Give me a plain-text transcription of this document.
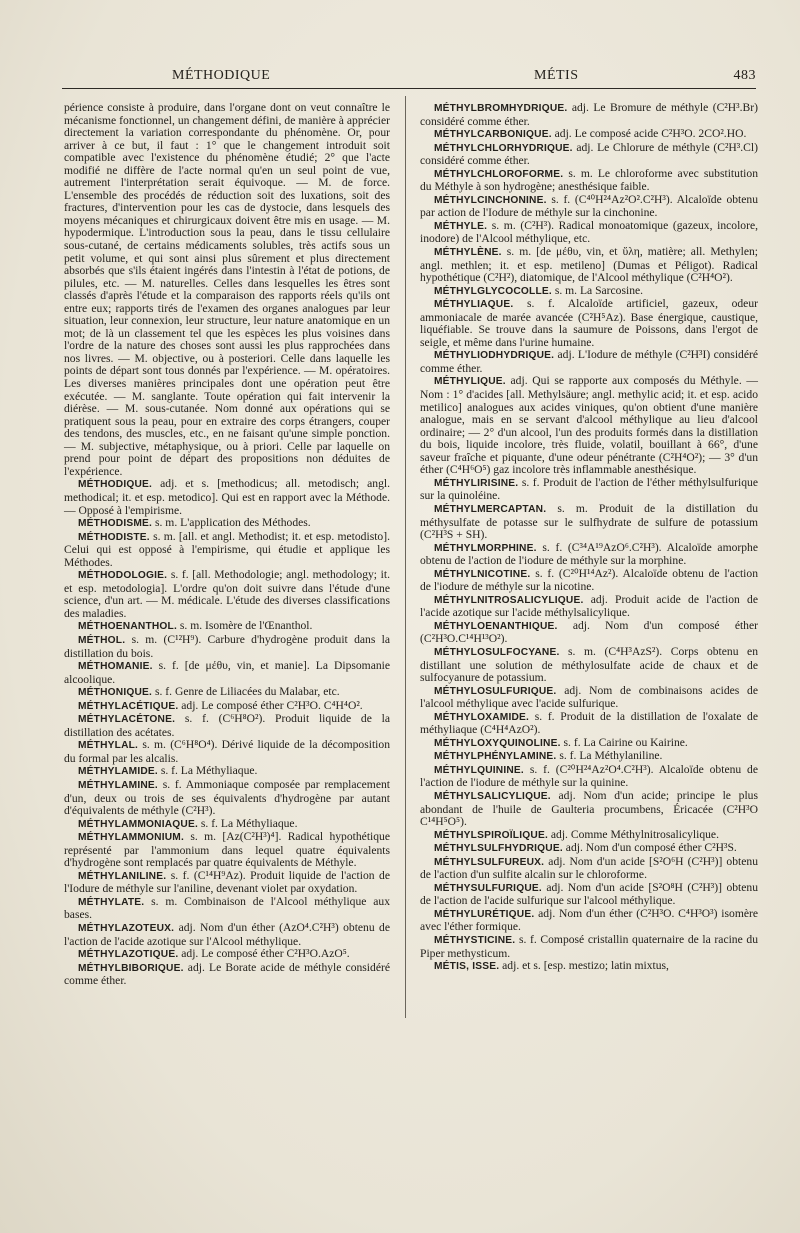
MÉTHODIQUE	MÉTIS	483

périence consiste à produire, dans l'organe dont on veut connaître le mécanisme fonctionnel, un changement défini, de manière à apprécier directement la variation correspondante du phénomène. Or, pour arriver à ce but, il faut : 1° que le changement introduit soit compatible avec l'existence du phénomène étudié; 2° que l'acte modifié ne diffère de l'acte normal qu'en un seul point de vue, autrement l'interprétation serait équivoque. — M. de force. L'ensemble des procédés de réduction soit des luxations, soit des fractures, d'intervention pour les cas de dystocie, dans lesquels des moyens mécaniques et chirurgicaux doivent être mis en usage. — M. hypodermique. L'introduction sous la peau, dans le tissu cellulaire sous-cutané, de certains médicaments solubles, très actifs sous un petit volume, et qui sont ainsi plus sûrement et plus directement absorbés que s'ils étaient ingérés dans l'intestin à l'état de potions, de pilules, etc. — M. naturelles. Celles dans lesquelles les êtres sont classés d'après l'étude et la comparaison des rapports réels qu'ils ont entre eux; rapports tirés de l'examen des organes analogues par leur situation, leur connexion, leur structure, leur nature anatomique en un mot; de là un classement tel que les espèces les plus voisines dans l'ordre de la nature des choses sont aussi les plus rapprochées dans nos livres. — M. objective, ou à posteriori. Celle dans laquelle les points de départ sont tous donnés par l'expérience. — M. opératoires. Les diverses manières principales dont une opération peut être exécutée. — M. sanglante. Toute opération qui fait intervenir la diérèse. — M. sous-cutanée. Nom donné aux opérations qui se pratiquent sous la peau, pour en extraire des corps étrangers, couper des tendons, des muscles, etc., en ne faisant qu'une simple ponction. — M. subjective, métaphysique, ou à priori. Celle par laquelle on prend pour point de départ des propositions non déduites de l'expérience.

MÉTHODIQUE. adj. et s. [methodicus; all. metodisch; angl. methodical; it. et esp. metodico]. Qui est en rapport avec la Méthode. — Opposé à l'empirisme.

MÉTHODISME. s. m. L'application des Méthodes.

MÉTHODISTE. s. m. [all. et angl. Methodist; it. et esp. metodisto]. Celui qui est opposé à l'empirisme, qui étudie et applique les Méthodes.

MÉTHODOLOGIE. s. f. [all. Methodologie; angl. methodology; it. et esp. metodologia]. L'ordre qu'on doit suivre dans l'étude d'une science, d'un art. — M. médicale. L'étude des diverses classifications des maladies.

MÉTHOENANTHOL. s. m. Isomère de l'Œnanthol.

MÉTHOL. s. m. (C¹²H⁹). Carbure d'hydrogène produit dans la distillation du bois.

MÉTHOMANIE. s. f. [de μέθυ, vin, et manie]. La Dipsomanie alcoolique.

MÉTHONIQUE. s. f. Genre de Liliacées du Malabar, etc.

MÉTHYLACÉTIQUE. adj. Le composé éther C²H³O. C⁴H⁴O².

MÉTHYLACÉTONE. s. f. (C⁶H⁸O²). Produit liquide de la distillation des acétates.

MÉTHYLAL. s. m. (C⁶H⁸O⁴). Dérivé liquide de la décomposition du formal par les alcalis.

MÉTHYLAMIDE. s. f. La Méthyliaque.

MÉTHYLAMINE. s. f. Ammoniaque composée par remplacement d'un, deux ou trois de ses équivalents d'hydrogène par autant d'équivalents de méthyle (C²H³).

MÉTHYLAMMONIAQUE. s. f. La Méthyliaque.

MÉTHYLAMMONIUM. s. m. [Az(C²H³)⁴]. Radical hypothétique représenté par l'ammonium dans lequel quatre équivalents d'hydrogène sont remplacés par quatre équivalents de Méthyle.

MÉTHYLANILINE. s. f. (C¹⁴H⁹Az). Produit liquide de l'action de l'Iodure de méthyle sur l'aniline, devenant violet par oxydation.

MÉTHYLATE. s. m. Combinaison de l'Alcool méthylique aux bases.

MÉTHYLAZOTEUX. adj. Nom d'un éther (AzO⁴.C²H³) obtenu de l'action de l'acide azotique sur l'Alcool méthylique.

MÉTHYLAZOTIQUE. adj. Le composé éther C²H³O.AzO⁵.

MÉTHYLBIBORIQUE. adj. Le Borate acide de méthyle considéré comme éther.

MÉTHYLBROMHYDRIQUE. adj. Le Bromure de méthyle (C²H³.Br) considéré comme éther.

MÉTHYLCARBONIQUE. adj. Le composé acide C²H³O. 2CO².HO.

MÉTHYLCHLORHYDRIQUE. adj. Le Chlorure de méthyle (C²H³.Cl) considéré comme éther.

MÉTHYLCHLOROFORME. s. m. Le chloroforme avec substitution du Méthyle à son hydrogène; anesthésique faible.

MÉTHYLCINCHONINE. s. f. (C⁴⁰H²⁴Az²O².C²H³). Alcaloïde obtenu par action de l'Iodure de méthyle sur la cinchonine.

MÉTHYLE. s. m. (C²H³). Radical monoatomique (gazeux, incolore, inodore) de l'Alcool méthylique, etc.

MÉTHYLÈNE. s. m. [de μέθυ, vin, et ὕλη, matière; all. Methylen; angl. methlen; it. et esp. metileno] (Dumas et Péligot). Radical hypothétique (C²H²), diatomique, de l'Alcool méthylique (C²H⁴O²).

MÉTHYLGLYCOCOLLE. s. m. La Sarcosine.

MÉTHYLIAQUE. s. f. Alcaloïde artificiel, gazeux, odeur ammoniacale de marée avancée (C²H⁵Az). Base énergique, caustique, liquéfiable. Se trouve dans la saumure de Poissons, dans l'ergot de seigle, et même dans l'urine humaine.

MÉTHYLIODHYDRIQUE. adj. L'Iodure de méthyle (C²H³I) considéré comme éther.

MÉTHYLIQUE. adj. Qui se rapporte aux composés du Méthyle. — Nom : 1° d'acides [all. Methylsäure; angl. methylic acid; it. et esp. acido metilico] analogues aux acides viniques, qu'on obtient d'une manière analogue, mais en se servant d'alcool méthylique au lieu d'alcool ordinaire; — 2° d'un alcool, l'un des produits formés dans la distillation du bois, liquide incolore, très fluide, volatil, bouillant à 66°, d'une saveur fraîche et piquante, d'une odeur pénétrante (C²H⁴O²); — 3° d'un éther (C⁴H⁶O⁵) gaz incolore très inflammable anesthésique.

MÉTHYLIRISINE. s. f. Produit de l'action de l'éther méthylsulfurique sur la quinoléine.

MÉTHYLMERCAPTAN. s. m. Produit de la distillation du méthysulfate de potasse sur le sulfhydrate de sulfure de potassium (C²H³S + SH).

MÉTHYLMORPHINE. s. f. (C³⁴A¹⁹AzO⁶.C²H³). Alcaloïde amorphe obtenu de l'action de l'iodure de méthyle sur la morphine.

MÉTHYLNICOTINE. s. f. (C²⁰H¹⁴Az²). Alcaloïde obtenu de l'action de l'iodure de méthyle sur la nicotine.

MÉTHYLNITROSALICYLIQUE. adj. Produit acide de l'action de l'acide azotique sur l'acide méthylsalicylique.

MÉTHYLOENANTHIQUE. adj. Nom d'un composé éther (C²H³O.C¹⁴H¹³O²).

MÉTHYLOSULFOCYANE. s. m. (C⁴H³AzS²). Corps obtenu en distillant une solution de méthylosulfate acide de chaux et de sulfocyanure de potassium.

MÉTHYLOSULFURIQUE. adj. Nom de combinaisons acides de l'alcool méthylique avec l'acide sulfurique.

MÉTHYLOXAMIDE. s. f. Produit de la distillation de l'oxalate de méthyliaque (C⁴H⁴AzO²).

MÉTHYLOXYQUINOLINE. s. f. La Cairine ou Kairine.

MÉTHYLPHÉNYLAMINE. s. f. La Méthylaniline.

MÉTHYLQUININE. s. f. (C²⁰H²⁴Az²O⁴.C²H³). Alcaloïde obtenu de l'action de l'iodure de méthyle sur la quinine.

MÉTHYLSALICYLIQUE. adj. Nom d'un acide; principe le plus abondant de l'huile de Gaulteria procumbens, Éricacée (C²H³O C¹⁴H⁵O⁵).

MÉTHYLSPIROÏLIQUE. adj. Comme Méthylnitrosalicylique.

MÉTHYLSULFHYDRIQUE. adj. Nom d'un composé éther C²H³S.

MÉTHYLSULFUREUX. adj. Nom d'un acide [S²O⁶H (C²H³)] obtenu de l'action d'un sulfite alcalin sur le chloroforme.

MÉTHYSULFURIQUE. adj. Nom d'un acide [S²O⁸H (C²H³)] obtenu de l'action de l'acide sulfurique sur l'alcool méthylique.

MÉTHYLURÉTIQUE. adj. Nom d'un éther (C²H³O. C⁴H³O³) isomère avec l'éther formique.

MÉTHYSTICINE. s. f. Composé cristallin quaternaire de la racine du Piper methysticum.

MÉTIS, ISSE. adj. et s. [esp. mestizo; latin mixtus,
